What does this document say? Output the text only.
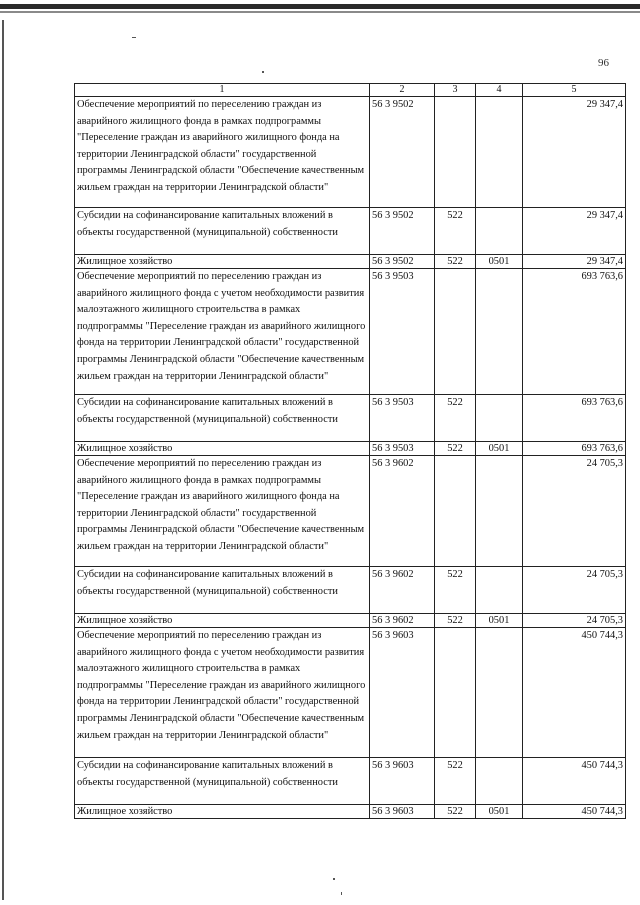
96
1	2	3	4	5
Обеспечение мероприятий по переселению граждан из аварийного жилищного фонда в рамках подпрограммы "Переселение граждан из аварийного жилищного фонда на территории Ленинградской области" государственной программы Ленинградской области "Обеспечение качественным жильем граждан на территории Ленинградской области"	56 3 9502			29 347,4
Субсидии на софинансирование капитальных вложений в объекты государственной (муниципальной) собственности	56 3 9502	522		29 347,4
Жилищное хозяйство	56 3 9502	522	0501	29 347,4
Обеспечение мероприятий по переселению граждан из аварийного жилищного фонда с учетом необходимости развития малоэтажного жилищного строительства в рамках подпрограммы "Переселение граждан из аварийного жилищного фонда на территории Ленинградской области" государственной программы Ленинградской области "Обеспечение качественным жильем граждан на территории Ленинградской области"	56 3 9503			693 763,6
Субсидии на софинансирование капитальных вложений в объекты государственной (муниципальной) собственности	56 3 9503	522		693 763,6
Жилищное хозяйство	56 3 9503	522	0501	693 763,6
Обеспечение мероприятий по переселению граждан из аварийного жилищного фонда в рамках подпрограммы "Переселение граждан из аварийного жилищного фонда на территории Ленинградской области" государственной программы Ленинградской области "Обеспечение качественным жильем граждан на территории Ленинградской области"	56 3 9602			24 705,3
Субсидии на софинансирование капитальных вложений в объекты государственной (муниципальной) собственности	56 3 9602	522		24 705,3
Жилищное хозяйство	56 3 9602	522	0501	24 705,3
Обеспечение мероприятий по переселению граждан из аварийного жилищного фонда с учетом необходимости развития малоэтажного жилищного строительства в рамках подпрограммы "Переселение граждан из аварийного жилищного фонда на территории Ленинградской области" государственной программы Ленинградской области "Обеспечение качественным жильем граждан на территории Ленинградской области"	56 3 9603			450 744,3
Субсидии на софинансирование капитальных вложений в объекты государственной (муниципальной) собственности	56 3 9603	522		450 744,3
Жилищное хозяйство	56 3 9603	522	0501	450 744,3
